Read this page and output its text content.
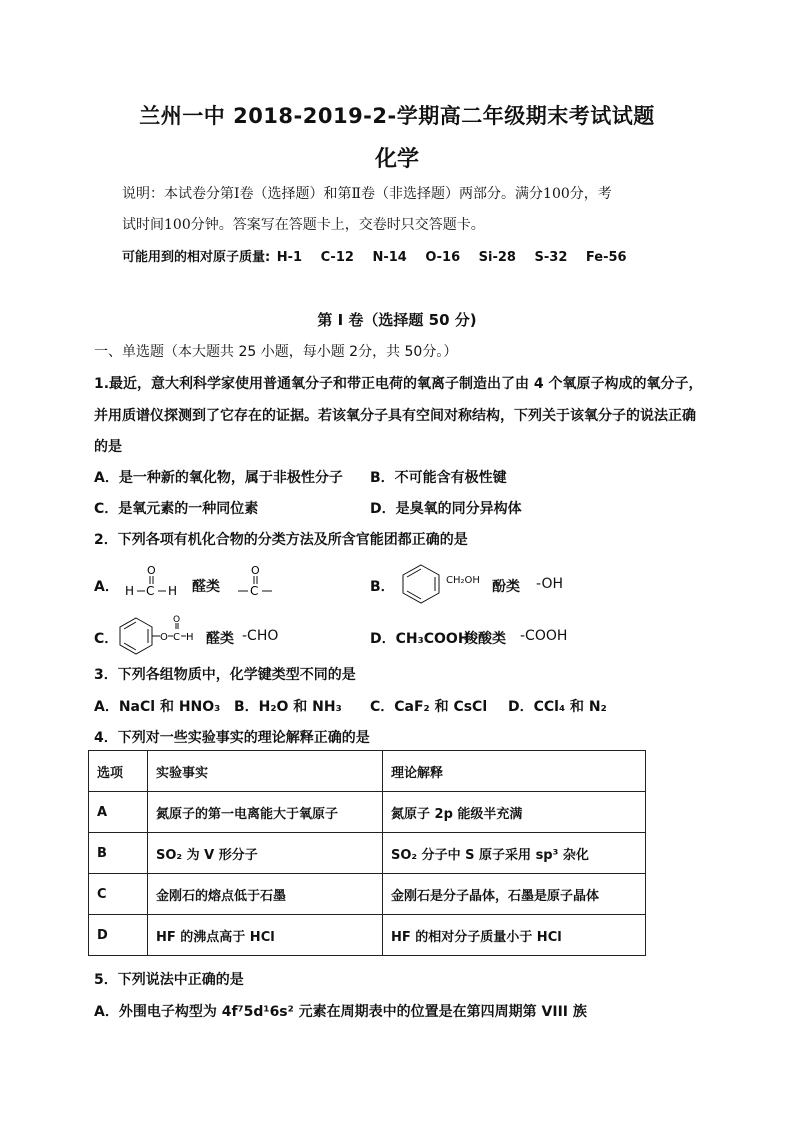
兰州一中 2018-2019-2-学期高二年级期末考试试题
化学
说明：本试卷分第Ⅰ卷（选择题）和第Ⅱ卷（非选择题）两部分。满分100分，考
试时间100分钟。答案写在答题卡上，交卷时只交答题卡。
可能用到的相对原子质量: H-1 C-12 N-14 O-16 Si-28 S-32 Fe-56
第 I 卷（选择题 50 分)
一、单选题（本大题共 25 小题，每小题 2分，共 50分。）
1.最近，意大利科学家使用普通氧分子和带正电荷的氧离子制造出了由 4 个氧原子构成的氧分子，
并用质谱仪探测到了它存在的证据。若该氧分子具有空间对称结构，下列关于该氧分子的说法正确
的是
A．是一种新的氧化物，属于非极性分子 B．不可能含有极性键
C．是氧元素的一种同位素	D．是臭氧的同分异构体
2．下列各项有机化合物的分类方法及所含官能团都正确的是
A． H C H
O
醛类	C
O
B．	CH₂OH 酚类 -OH
C．	O C
O
H 醛类 -CHO	D．CH₃COOH
羧酸类 -COOH
3．下列各组物质中，化学键类型不同的是
A．NaCl 和 HNO₃ B．H₂O 和 NH₃ C．CaF₂ 和 CsCl D．CCl₄ 和 N₂
4．下列对一些实验事实的理论解释正确的是
选项	实验事实	理论解释
A	氮原子的第一电离能大于氧原子	氮原子 2p 能级半充满
B	SO₂ 为 V 形分子	SO₂ 分子中 S 原子采用 sp³ 杂化
C	金刚石的熔点低于石墨	金刚石是分子晶体，石墨是原子晶体
D	HF 的沸点高于 HCl	HF 的相对分子质量小于 HCl
5．下列说法中正确的是
A．外围电子构型为 4f⁷5d¹6s² 元素在周期表中的位置是在第四周期第 VIII 族
